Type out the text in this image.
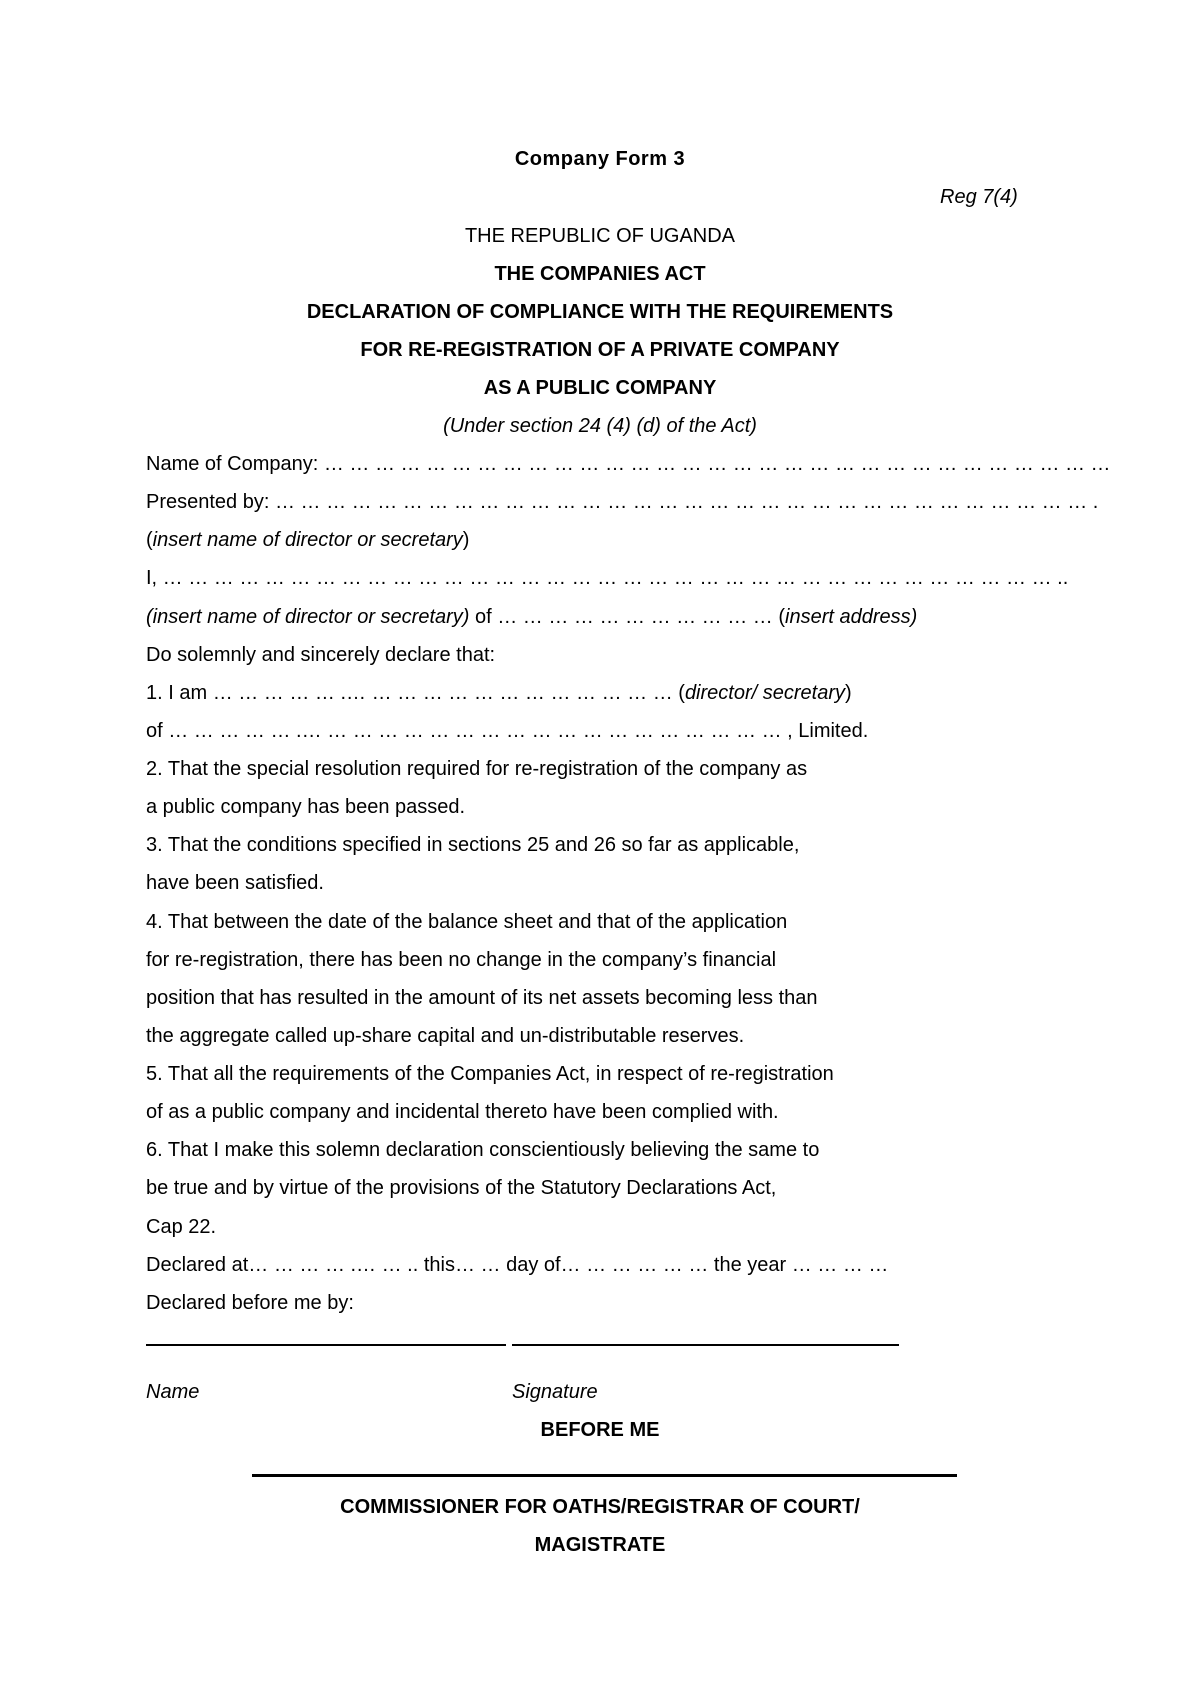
Company Form 3
Reg 7(4)
THE REPUBLIC OF UGANDA
THE COMPANIES ACT
DECLARATION OF COMPLIANCE WITH THE REQUIREMENTS
FOR RE-REGISTRATION OF A PRIVATE COMPANY
AS A PUBLIC COMPANY
(Under section 24 (4) (d) of the Act)
Name of Company: … … … … … … … … … … … … … … … … … … … … … … … … … … … … … … …
Presented by: … … … … … … … … … … … … … … … … … … … … … … … … … … … … … … … … .
(insert name of director or secretary)
I, … … … … … … … … … … … … … … … … … … … … … … … … … … … … … … … … … … … ..
(insert name of director or secretary) of … … … … … … … … … … … (insert address)
Do solemnly and sincerely declare that:
1. I am … … … … … .… … … … … … … … … … … … … (director/ secretary)
of … … … … … .… … … … … … … … … … … … … … … … … … … , Limited.
2. That the special resolution required for re-registration of the company as
a public company has been passed.
3. That the conditions specified in sections 25 and 26 so far as applicable,
have been satisfied.
4. That between the date of the balance sheet and that of the application
for re-registration, there has been no change in the company’s financial
position that has resulted in the amount of its net assets becoming less than
the aggregate called up-share capital and un-distributable reserves.
5. That all the requirements of the Companies Act, in respect of re-registration
of as a public company and incidental thereto have been complied with.
6. That I make this solemn declaration conscientiously believing the same to
be true and by virtue of the provisions of the Statutory Declarations Act,
Cap 22.
Declared at… … … … .… … .. this… … day of… … … … … … the year … … … …
Declared before me by:
Name	Signature
BEFORE ME
COMMISSIONER FOR OATHS/REGISTRAR OF COURT/
MAGISTRATE
